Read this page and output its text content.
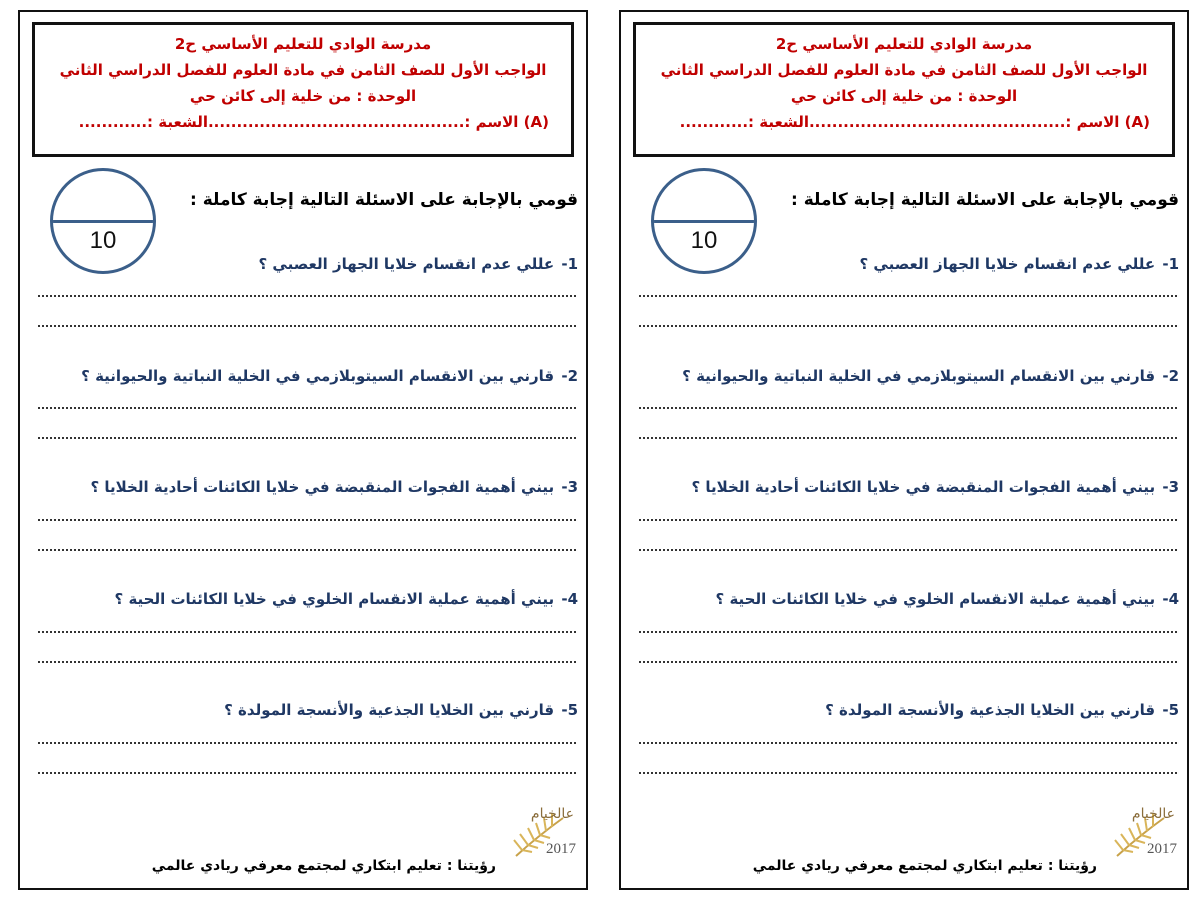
مدرسة الوادي للتعليم الأساسي ح2
الواجب الأول للصف الثامن في مادة العلوم للفصل الدراسي الثاني
الوحدة : من خلية إلى كائن حي
(A) الاسم :.............................................الشعبة :............
10
قومي بالإجابة على الاسئلة التالية إجابة كاملة :
1- عللي عدم انقسام خلايا الجهاز العصبي ؟
2- قارني بين الانقسام السيتوبلازمي في الخلية النباتية والحيوانية ؟
3- بيني أهمية الفجوات المنقبضة في خلايا الكائنات أحادية الخلايا ؟
4- بيني أهمية عملية الانقسام الخلوي في خلايا الكائنات الحية ؟
5- قارني بين الخلايا الجذعية والأنسجة المولدة ؟
عالخيام
2017
رؤيتنا : تعليم ابتكاري لمجتمع معرفي ريادي عالمي
مدرسة الوادي للتعليم الأساسي ح2
الواجب الأول للصف الثامن في مادة العلوم للفصل الدراسي الثاني
الوحدة : من خلية إلى كائن حي
(A) الاسم :.............................................الشعبة :............
10
قومي بالإجابة على الاسئلة التالية إجابة كاملة :
1- عللي عدم انقسام خلايا الجهاز العصبي ؟
2- قارني بين الانقسام السيتوبلازمي في الخلية النباتية والحيوانية ؟
3- بيني أهمية الفجوات المنقبضة في خلايا الكائنات أحادية الخلايا ؟
4- بيني أهمية عملية الانقسام الخلوي في خلايا الكائنات الحية ؟
5- قارني بين الخلايا الجذعية والأنسجة المولدة ؟
عالخيام
2017
رؤيتنا : تعليم ابتكاري لمجتمع معرفي ريادي عالمي
